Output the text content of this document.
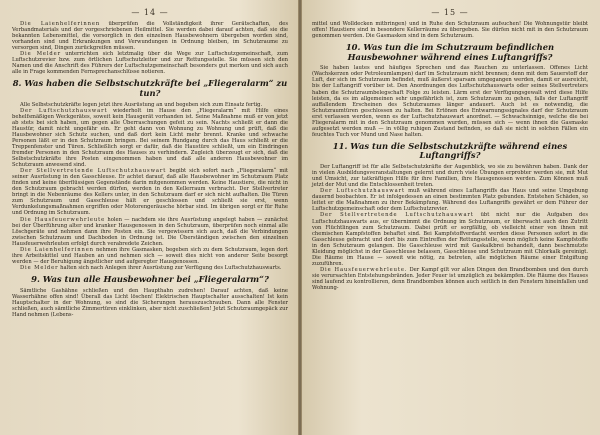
— 14 —

Die Laienhelferinnen überprüfen die Vollständigkeit ihrer Gerätschaften, des Verbandmaterials und der vorgeschriebenen Heilmittel. Sie werden dabei darauf achten, daß sie die bekannten Lebensmittel, die vorsorglich in den einzelnen Hausbewohnern übergeben worden sind, vorhanden sind und Erkrankungen und Verwundungen in Ordnung bleiben, im Schutzraume zu versorgen sind, Dingen zurückgreifen müssen.

Die Melder unterrichten sich letztmalig über die Wege zur Luftschutzgemeinschaft, zum Luftschutzrevier bzw. zum örtlichen Luftschutzleiter und zur Rettungsstelle. Sie müssen sich den Namen und die Anschrift des Führers der Luftschutzgemeinschaft besonders gut merken und sich auch alle in Frage kommenden Fernsprechanschlüsse notieren.

8. Was haben die Selbstschutzkräfte bei „Fliegeralarm“ zu tun?

Alle Selbstschutzkräfte legen jetzt ihre Ausrüstung an und begeben sich zum Einsatz fertig.

Der Luftschutzhauswart wiederholt im Hause den „Fliegeralarm“ mit Hilfe eines behelfsmäßigen Weckgerätes, soweit kein Hausgerät vorhanden ist. Seine Maßnahme muß er von jetzt ab stets bei sich haben, um gegen alle Überraschungen gefeit zu sein. Nachts schließt er dann die Haustür, damit nicht ungefähr ein. Er geht dann von Wohnung zu Wohnung und prüft, daß die Hausbewohner sich Schutz suchen, und daß dort kein Licht mehr brennt. Kranke und schwache Personen läßt er in den Schutzraum bringen. Bei seinem Rundgang durch das Haus schließt er die Treppenfenster und Türen. Schließlich sorgt er dafür, daß die Haustüre schließt, um ein Eindringen fremder Personen in den Schutzraum des Hauses zu verhindern. Zugleich überzeugt er sich, daß die Selbstschutzkräfte ihre Posten eingenommen haben und daß alle anderen Hausbewohner im Schutzraum anwesend sind.

Der Stellvertretende Luftschutzhauswart begibt sich sofort nach „Fliegeralarm“ mit seiner Ausrüstung in den Gasschleuse. Er achtet darauf, daß alle Hausbewohner im Schutzraum Platz finden und keine überflüssigen Gegenstände darin mitgenommen werden. Keine Haustiere, die nicht in den Schutzraum gebracht werden dürfen, werden in den Kellerraum verbracht. Der Stellvertreter bringt in die Nebenräume des Kellers unter, in den Schutzraum darf er sich nicht aufhalten. Die Türen zum Schutzraum und Gasschleuse hält er geschlossen und schließt sie erst, wenn Verdunkelungsmaßnahmen ergriffen oder Motorengeräusche hörbar sind. Im übrigen sorgt er für Ruhe und Ordnung im Schutzraum.

Die Hausfeuerwehrleute holen — nachdem sie ihre Ausrüstung angelegt haben — zunächst bei der Überführung alter und kranker Hausgenossen in den Schutzraum, überprüfen noch einmal alle Löschgeräte und nehmen dann ihre Posten ein. Sie vergewissern sich auch, daß die Verbindungen zwischen Schutzraum und Dachboden in Ordnung ist. Die Überständigen zwischen den einzelnen Hausfeuerwehrleuten erfolgt durch verabredete Zeichen.

Die Laienhelferinnen nehmen ihre Gasmasken, begeben sich zu dem Schutzraum, legen dort ihre Arbeitskittel und Hauben an und nehmen sich — soweit dies nicht von anderer Seite besorgt werden — der Beruhigung ängstlicher und aufgeregter Hausgenossen.

Die Melder halten sich nach Anlegen ihrer Ausrüstung zur Verfügung des Luftschutzhauswarts.

9. Was tun alle Hausbewohner bei „Fliegeralarm“?

Sämtliche Gashähne schließen und den Haupthahn zudrehen! Darauf achten, daß keine Wasserhähne offen sind! Überall das Licht löschen! Elektrischen Hauptschalter ausschalten! Ist kein Hauptschalter in der Wohnung, so sind die Sicherungen herauszuschrauben. Dann alle Fenster schließen, auch sämtliche Zimmertüren einklinken, aber nicht zuschließen! Jetzt Schutzraumgepäck zur Hand nehmen (Lebens-

— 15 —

mittel und Wolldecken mitbringen) und in Ruhe den Schutzraum aufsuchen! Die Wohnungstür bleibt offen! Haustiere sind in besondere Kellerräume zu übergeben. Sie dürfen nicht mit in den Schutzraum genommen werden. Die Gasmasken sind in dem Schutzraum.

10. Was tun die im Schutzraum befindlichen Hausbewohner während eines Luftangriffs?

Sie haben lautes und häufiges Sprechen und das Rauchen zu unterlassen. Offenes Licht (Wachskerzen oder Petroleumlampen) darf im Schutzraum nicht brennen; denn mit dem Sauerstoff der Luft, der sich im Schutzraum befindet, muß äußerst sparsam umgegangen werden, damit er ausreicht, bis der Luftangriff vorüber ist. Den Anordnungen des Luftschutzhauswarts oder seines Stellvertreters haben die Schutzraumbelegschaft Folge zu leisten. Lärm erst der Verfügungsgewalt wird diese Hilfe leisten, da es im allgemeinen sehr ungefährlich ist, zum Schutzraum zu gehen, falls der Luftangriff auffallendem Erscheinen des Schutzraumes länger andauert. Auch ist es notwendig, die Schutzraumtüren geschlossen zu halten. Bei Ertönen des Entwarnungssignales darf der Schutzraum erst verlassen werden, wenn es der Luftschutzhauswart anordnet. — Schwachsinnige, welche die bei Fliegeralarm mit in den Schutzraum genommen wurden, müssen sich — wenn ihnen die Gasmaske aufgesetzt werden muß — in völlig ruhigen Zustand befinden, so daß sie nicht in solchen Fällen ein feuchtes Tuch vor Mund und Nase halten.

11. Was tun die Selbstschutzkräfte während eines Luftangriffs?

Der Luftangriff ist für alle Selbstschutzkräfte der Augenblick, wo sie zu bewähren haben. Dank der in vielen Ausbildungsveranstaltungen gelernt und durch viele Übungen erprobter werden sie, mit Mut und Umsicht, zur tatkräftigen Hilfe für ihre Familien, ihre Hausgenossen werden. Zum Können muß jetzt der Mut und die Entschlossenheit treten.

Der Luftschutzhauswart muß während eines Luftangriffs das Haus und seine Umgebung dauernd beobachten. Er ist infolgedessen an einen bestimmten Platz gebunden. Entstehen Schäden, so leitet er die Maßnahmen zu ihrer Bekämpfung. Während des Luftangriffs gewährt er dem Führer der Luftschutzgemeinschaft oder dem Luftschutzrevier.

Der Stellvertretende Luftschutzhauswart übt nicht nur die Aufgaben des Luftschutzhauswarts aus, er übernimmt die Ordnung im Schutzraum, er überwacht auch den Zutritt von Flüchtlingen zum Schutzraum. Dabei prüft er sorgfältig, ob vielleicht einer von ihnen mit chemischen Kampfstoffen behaftet sind. Bei Kampfstoffverdacht werden diese Personen sofort in die Gasschleuse gebracht und dort bis zum Eintreffen der Rettungsstelle, wenn möglich keine Kampfstoffe in den Schutzraum gelangen. Die Gasschleuse wird mit Gaskalkbrei behandelt, dann beschmutzte Kleidung möglichst in der Gasschleuse belassen, Gasschleuse und Schutzraum mit Chlorkalk gereinigt. Die Räume im Hause — soweit wie nötig, zu betreten, alle möglichen Räume einer Entgiftung zuzuführen.

Die Hausfeuerwehrleute. Der Kampf gilt vor allen Dingen den Brandbomben und den durch sie verursachten Entstehungsbränden. Jeder Feuer ist umzüglich zu bekämpfen. Die Räume des Hauses sind laufend zu kontrollieren, denn Brandbomben können auch seitlich in den Fenstern hineinfallen und Wohnung-
